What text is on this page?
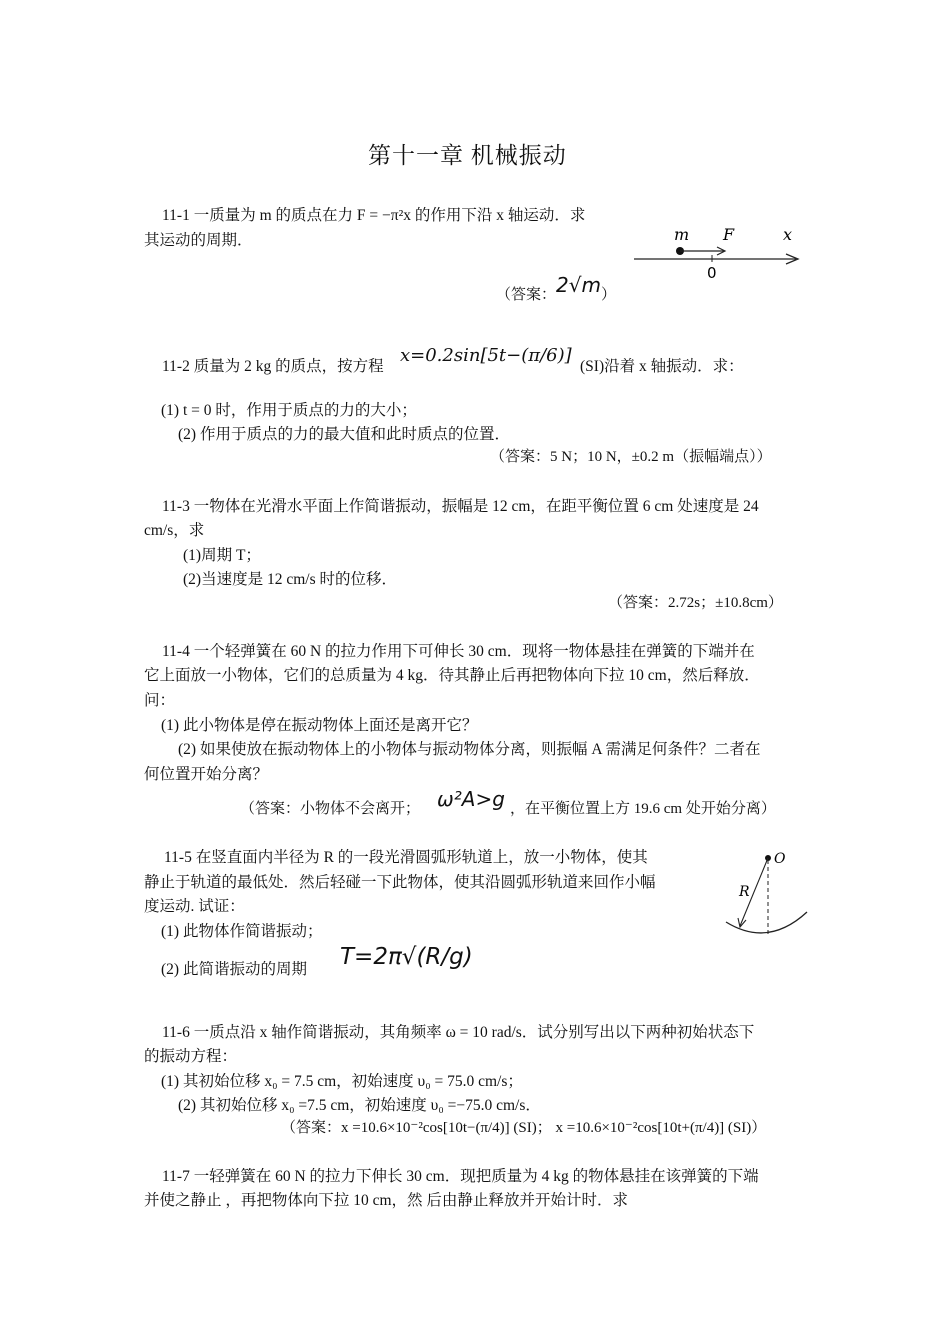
第十一章 机械振动
11-1 一质量为 m 的质点在力 F = −π²x 的作用下沿 x 轴运动．求
其运动的周期．
（答案： 2√m ）
m F	x
0
11-2 质量为 2 kg 的质点，按方程
x=0.2sin[5t−(π/6)]
(SI)沿着 x 轴振动．求：
(1) t = 0 时，作用于质点的力的大小；
(2) 作用于质点的力的最大值和此时质点的位置．
（答案：5 N；10 N，±0.2 m（振幅端点））
11-3 一物体在光滑水平面上作简谐振动，振幅是 12 cm，在距平衡位置 6 cm 处速度是 24
cm/s，求
(1)周期 T；
(2)当速度是 12 cm/s 时的位移．
（答案：2.72s；±10.8cm）
11-4 一个轻弹簧在 60 N 的拉力作用下可伸长 30 cm．现将一物体悬挂在弹簧的下端并在
它上面放一小物体，它们的总质量为 4 kg．待其静止后再把物体向下拉 10 cm，然后释放．
问：
(1) 此小物体是停在振动物体上面还是离开它？
(2) 如果使放在振动物体上的小物体与振动物体分离，则振幅 A 需满足何条件？二者在
何位置开始分离？
（答案：小物体不会离开； ω²A>g ，在平衡位置上方 19.6 cm 处开始分离）
11-5 在竖直面内半径为 R 的一段光滑圆弧形轨道上，放一小物体，使其
静止于轨道的最低处．然后轻碰一下此物体，使其沿圆弧形轨道来回作小幅
度运动. 试证：
(1) 此物体作简谐振动；
(2) 此简谐振动的周期 T=2π√(R/g)
O
R
11-6 一质点沿 x 轴作简谐振动，其角频率 ω = 10 rad/s．试分别写出以下两种初始状态下
的振动方程：
(1) 其初始位移 x₀ = 7.5 cm，初始速度 υ₀ = 75.0 cm/s；
(2) 其初始位移 x₀ =7.5 cm，初始速度 υ₀ =−75.0 cm/s．
（答案：x =10.6×10⁻²cos[10t−(π/4)] (SI)； x =10.6×10⁻²cos[10t+(π/4)] (SI)）
11-7 一轻弹簧在 60 N 的拉力下伸长 30 cm．现把质量为 4 kg 的物体悬挂在该弹簧的下端
并使之静止 ，再把物体向下拉 10 cm，然 后由静止释放并开始计时．求
